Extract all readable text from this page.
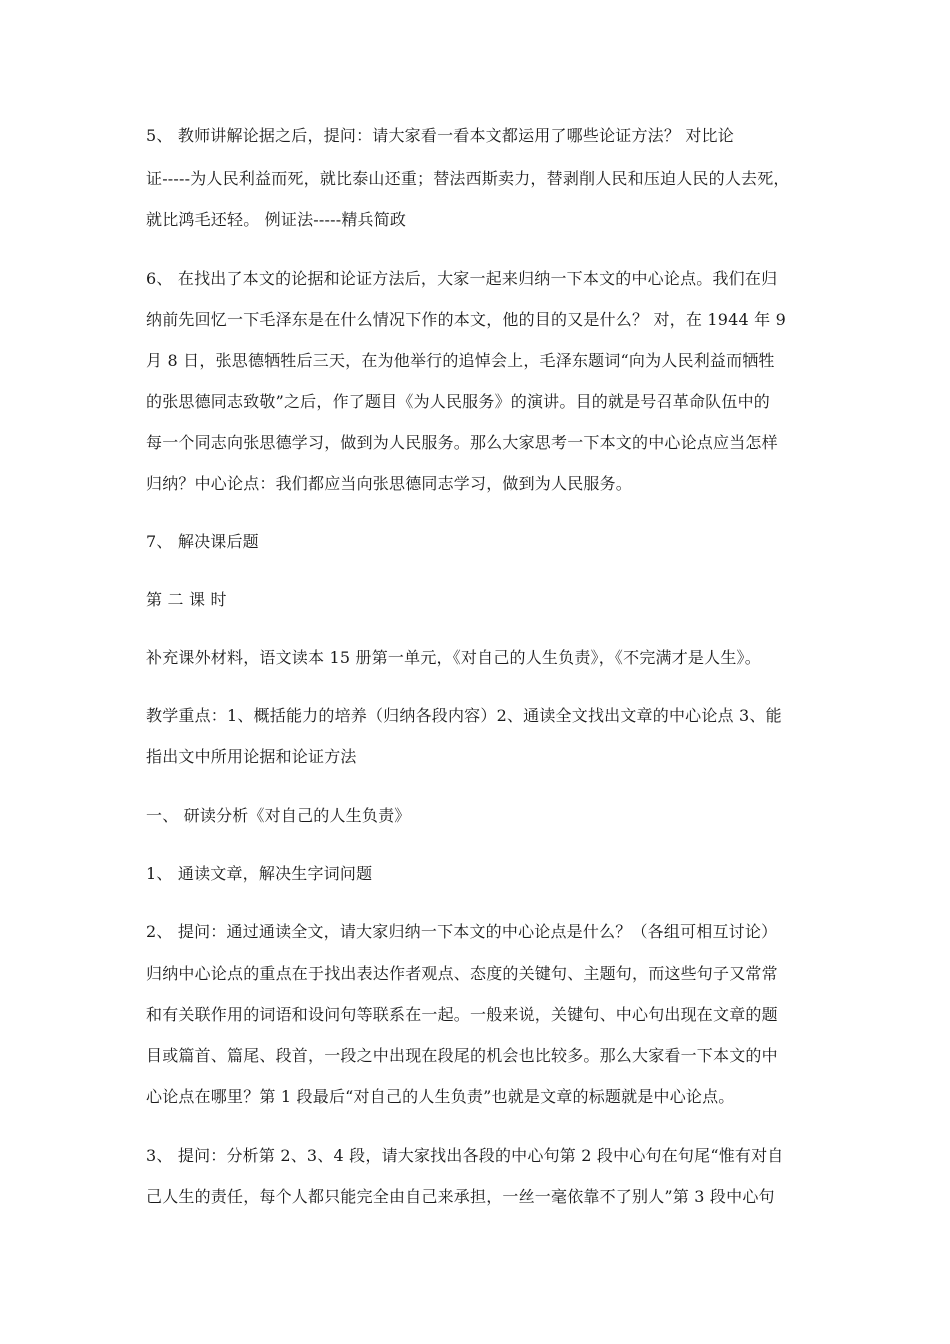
5、 教师讲解论据之后，提问：请大家看一看本文都运用了哪些论证方法？ 对比论
证-----为人民利益而死，就比泰山还重；替法西斯卖力，替剥削人民和压迫人民的人去死，
就比鸿毛还轻。 例证法-----精兵简政
6、 在找出了本文的论据和论证方法后，大家一起来归纳一下本文的中心论点。我们在归
纳前先回忆一下毛泽东是在什么情况下作的本文，他的目的又是什么？ 对，在 1944 年 9
月 8 日，张思德牺牲后三天，在为他举行的追悼会上，毛泽东题词“向为人民利益而牺牲
的张思德同志致敬”之后，作了题目《为人民服务》的演讲。目的就是号召革命队伍中的
每一个同志向张思德学习，做到为人民服务。那么大家思考一下本文的中心论点应当怎样
归纳？中心论点：我们都应当向张思德同志学习，做到为人民服务。
7、 解决课后题
第 二 课 时
补充课外材料，语文读本 15 册第一单元，《对自己的人生负责》，《不完满才是人生》。
教学重点：1、概括能力的培养（归纳各段内容）2、通读全文找出文章的中心论点 3、能
指出文中所用论据和论证方法
一、 研读分析《对自己的人生负责》
1、 通读文章，解决生字词问题
2、 提问：通过通读全文，请大家归纳一下本文的中心论点是什么？（各组可相互讨论）
归纳中心论点的重点在于找出表达作者观点、态度的关键句、主题句，而这些句子又常常
和有关联作用的词语和设问句等联系在一起。一般来说，关键句、中心句出现在文章的题
目或篇首、篇尾、段首，一段之中出现在段尾的机会也比较多。那么大家看一下本文的中
心论点在哪里？第 1 段最后“对自己的人生负责”也就是文章的标题就是中心论点。
3、 提问：分析第 2、3、4 段，请大家找出各段的中心句第 2 段中心句在句尾“惟有对自
己人生的责任，每个人都只能完全由自己来承担，一丝一毫依靠不了别人”第 3 段中心句
